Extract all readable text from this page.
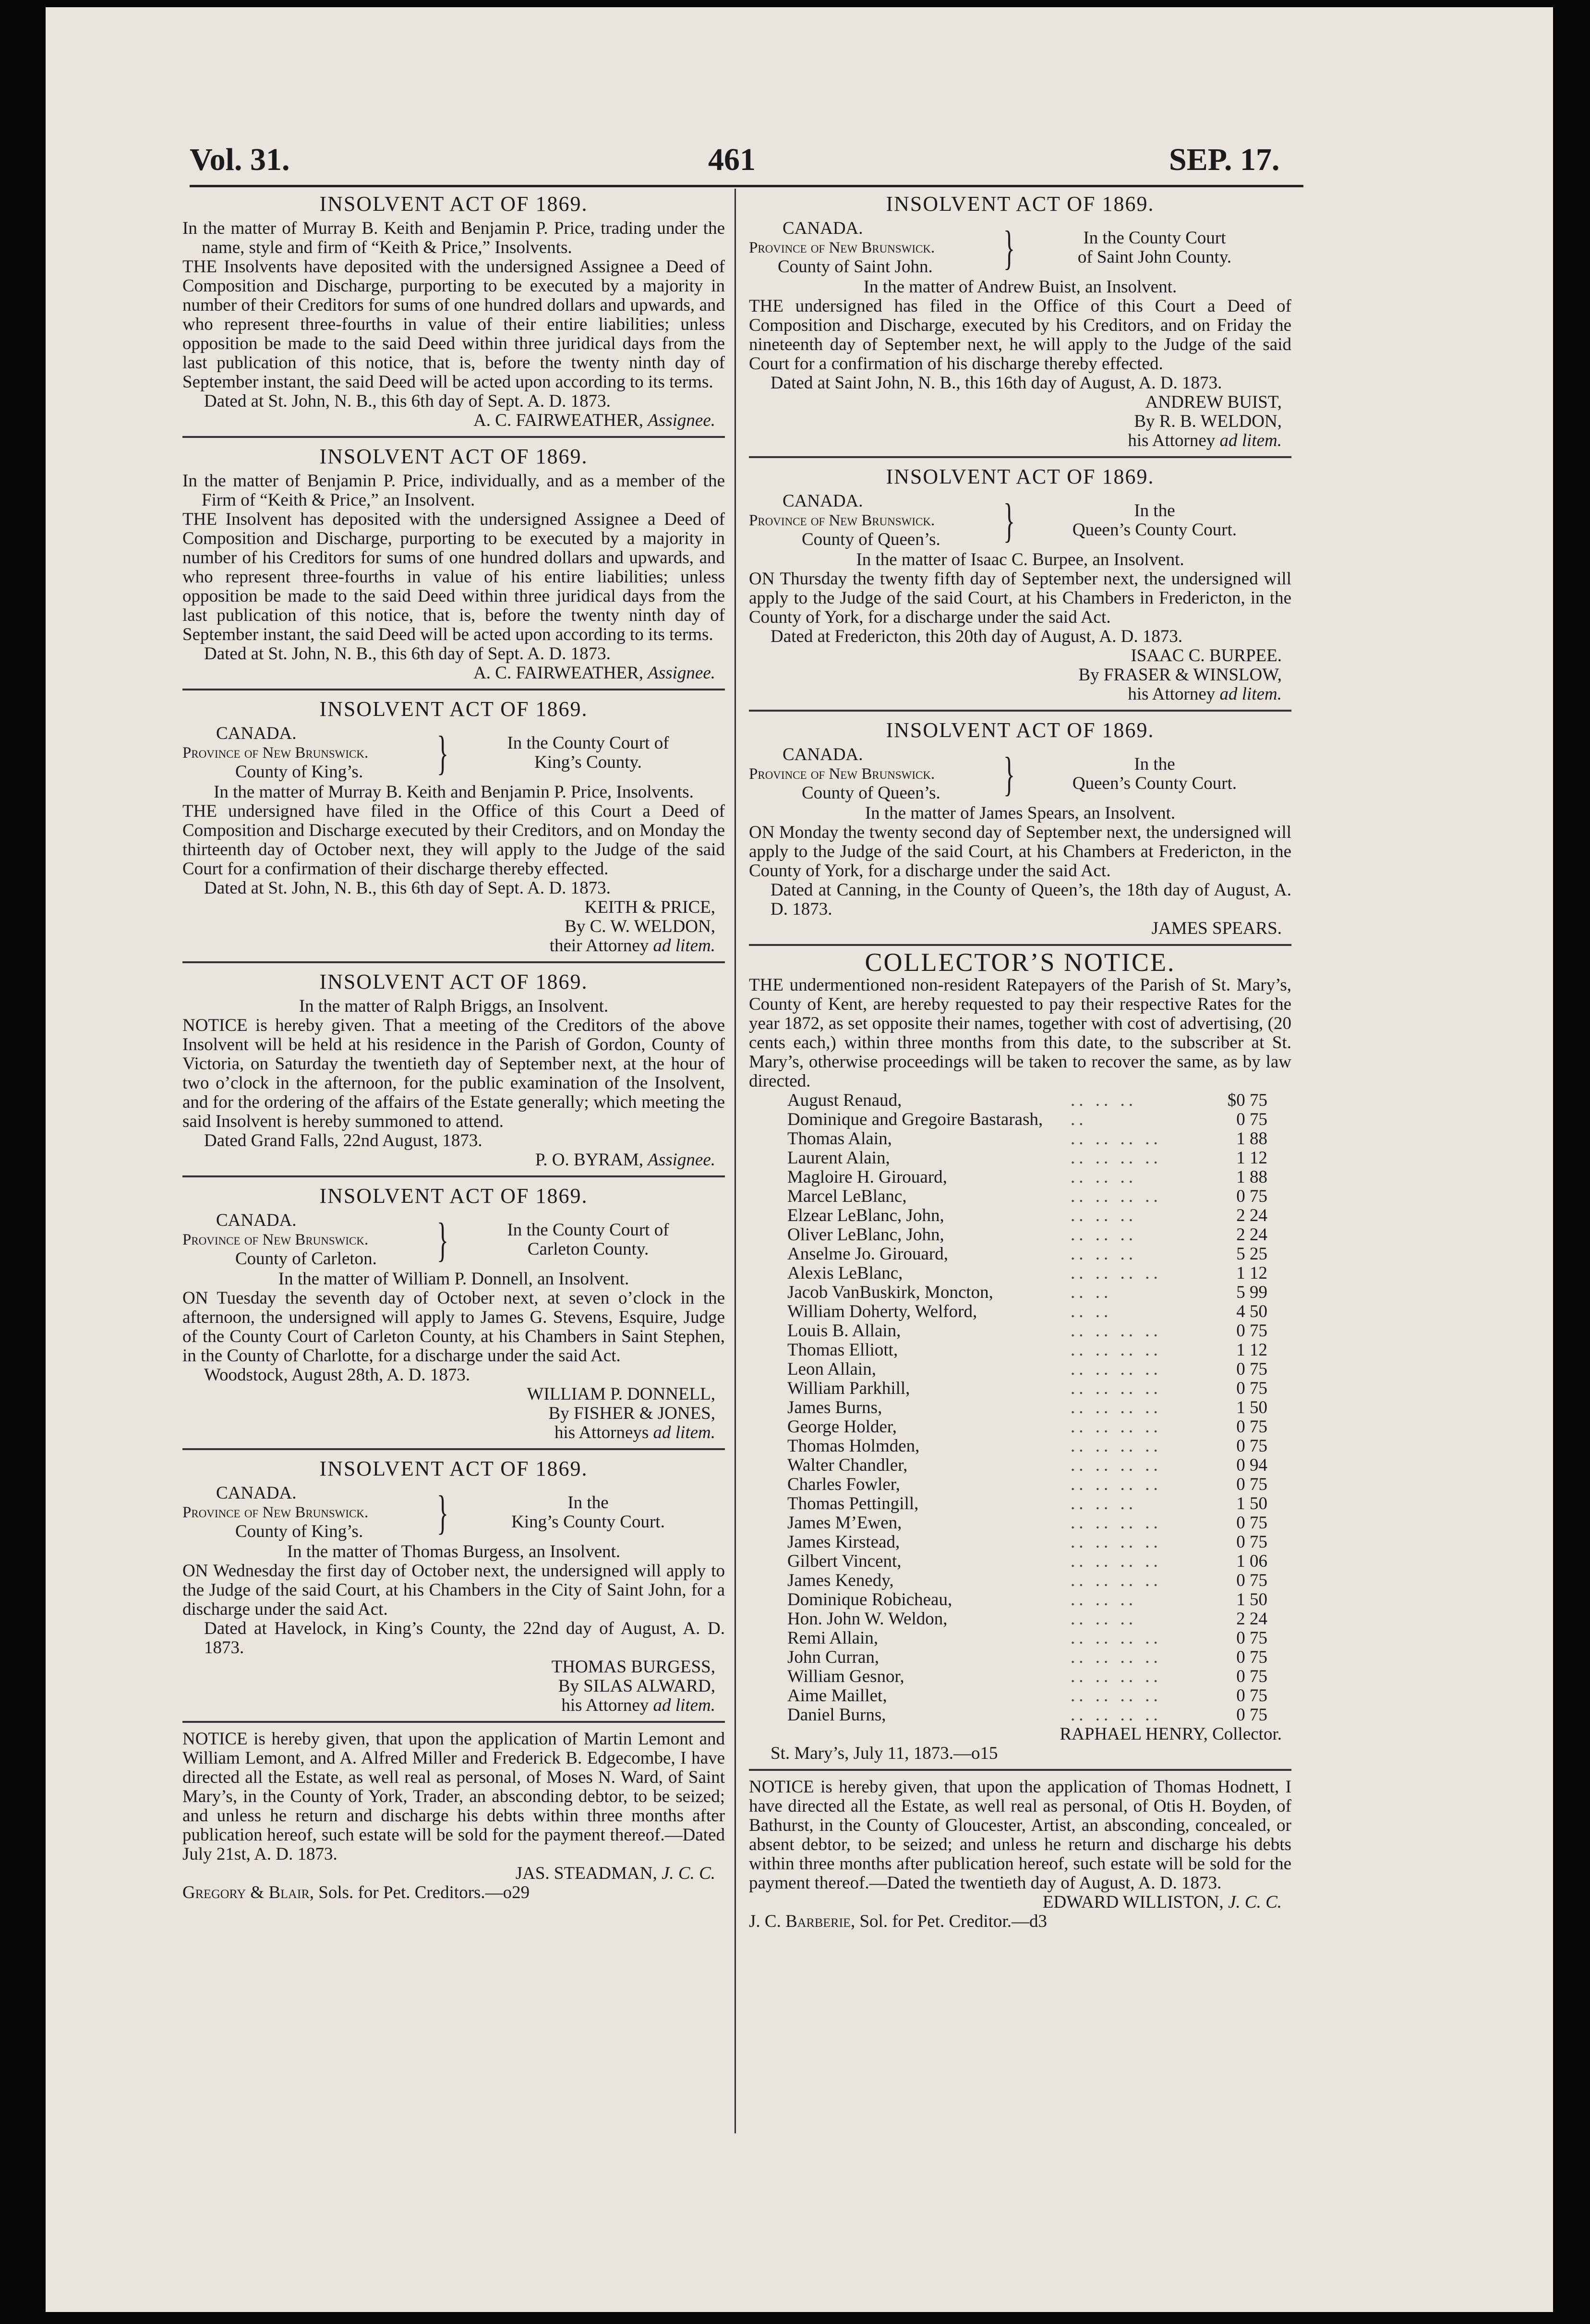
Vol. 31.	461	SEP. 17.
INSOLVENT ACT OF 1869.

In the matter of Murray B. Keith and Benjamin P. Price, trading under the name, style and firm of “Keith & Price,” Insolvents.

THE Insolvents have deposited with the undersigned Assignee a Deed of Composition and Discharge, purporting to be executed by a majority in number of their Creditors for sums of one hundred dollars and upwards, and who represent three-fourths in value of their entire liabilities; unless opposition be made to the said Deed within three juridical days from the last publication of this notice, that is, before the twenty ninth day of September instant, the said Deed will be acted upon according to its terms.

Dated at St. John, N. B., this 6th day of Sept. A. D. 1873.

A. C. FAIRWEATHER, Assignee.

INSOLVENT ACT OF 1869.

In the matter of Benjamin P. Price, individually, and as a member of the Firm of “Keith & Price,” an Insolvent.

THE Insolvent has deposited with the undersigned Assignee a Deed of Composition and Discharge, purporting to be executed by a majority in number of his Creditors for sums of one hundred dollars and upwards, and who represent three-fourths in value of his entire liabilities; unless opposition be made to the said Deed within three juridical days from the last publication of this notice, that is, before the twenty ninth day of September instant, the said Deed will be acted upon according to its terms.

Dated at St. John, N. B., this 6th day of Sept. A. D. 1873.

A. C. FAIRWEATHER, Assignee.

INSOLVENT ACT OF 1869.
CANADA.
Province of New Brunswick.
County of King’s.	}	In the County Court of
King’s County.

In the matter of Murray B. Keith and Benjamin P. Price, Insolvents.

THE undersigned have filed in the Office of this Court a Deed of Composition and Discharge executed by their Creditors, and on Monday the thirteenth day of October next, they will apply to the Judge of the said Court for a confirmation of their discharge thereby effected.

Dated at St. John, N. B., this 6th day of Sept. A. D. 1873.

KEITH & PRICE,

By C. W. WELDON,

their Attorney ad litem.

INSOLVENT ACT OF 1869.

In the matter of Ralph Briggs, an Insolvent.

NOTICE is hereby given. That a meeting of the Creditors of the above Insolvent will be held at his residence in the Parish of Gordon, County of Victoria, on Saturday the twentieth day of September next, at the hour of two o’clock in the afternoon, for the public examination of the Insolvent, and for the ordering of the affairs of the Estate generally; which meeting the said Insolvent is hereby summoned to attend.

Dated Grand Falls, 22nd August, 1873.

P. O. BYRAM, Assignee.

INSOLVENT ACT OF 1869.
CANADA.
Province of New Brunswick.
County of Carleton.	}	In the County Court of
Carleton County.

In the matter of William P. Donnell, an Insolvent.

ON Tuesday the seventh day of October next, at seven o’clock in the afternoon, the undersigned will apply to James G. Stevens, Esquire, Judge of the County Court of Carleton County, at his Chambers in Saint Stephen, in the County of Charlotte, for a discharge under the said Act.

Woodstock, August 28th, A. D. 1873.

WILLIAM P. DONNELL,

By FISHER & JONES,

his Attorneys ad litem.

INSOLVENT ACT OF 1869.
CANADA.
Province of New Brunswick.
County of King’s.	}	In the
King’s County Court.

In the matter of Thomas Burgess, an Insolvent.

ON Wednesday the first day of October next, the undersigned will apply to the Judge of the said Court, at his Chambers in the City of Saint John, for a discharge under the said Act.

Dated at Havelock, in King’s County, the 22nd day of August, A. D. 1873.

THOMAS BURGESS,

By SILAS ALWARD,

his Attorney ad litem.

NOTICE is hereby given, that upon the application of Martin Lemont and William Lemont, and A. Alfred Miller and Frederick B. Edgecombe, I have directed all the Estate, as well real as personal, of Moses N. Ward, of Saint Mary’s, in the County of York, Trader, an absconding debtor, to be seized; and unless he return and discharge his debts within three months after publication hereof, such estate will be sold for the payment thereof.—Dated July 21st, A. D. 1873.

JAS. STEADMAN, J. C. C.

Gregory & Blair, Sols. for Pet. Creditors.—o29

INSOLVENT ACT OF 1869.
CANADA.
Province of New Brunswick.
County of Saint John.	}	In the County Court
of Saint John County.

In the matter of Andrew Buist, an Insolvent.

THE undersigned has filed in the Office of this Court a Deed of Composition and Discharge, executed by his Creditors, and on Friday the nineteenth day of September next, he will apply to the Judge of the said Court for a confirmation of his discharge thereby effected.

Dated at Saint John, N. B., this 16th day of August, A. D. 1873.

ANDREW BUIST,

By R. B. WELDON,

his Attorney ad litem.

INSOLVENT ACT OF 1869.
CANADA.
Province of New Brunswick.
County of Queen’s.	}	In the
Queen’s County Court.

In the matter of Isaac C. Burpee, an Insolvent.

ON Thursday the twenty fifth day of September next, the undersigned will apply to the Judge of the said Court, at his Chambers in Fredericton, in the County of York, for a discharge under the said Act.

Dated at Fredericton, this 20th day of August, A. D. 1873.

ISAAC C. BURPEE.

By FRASER & WINSLOW,

his Attorney ad litem.

INSOLVENT ACT OF 1869.
CANADA.
Province of New Brunswick.
County of Queen’s.	}	In the
Queen’s County Court.

In the matter of James Spears, an Insolvent.

ON Monday the twenty second day of September next, the undersigned will apply to the Judge of the said Court, at his Chambers at Fredericton, in the County of York, for a discharge under the said Act.

Dated at Canning, in the County of Queen’s, the 18th day of August, A. D. 1873.

JAMES SPEARS.

COLLECTOR’S NOTICE.

THE undermentioned non-resident Ratepayers of the Parish of St. Mary’s, County of Kent, are hereby requested to pay their respective Rates for the year 1872, as set opposite their names, together with cost of advertising, (20 cents each,) within three months from this date, to the subscriber at St. Mary’s, otherwise proceedings will be taken to recover the same, as by law directed.

August Renaud,	.. .. ..	$0 75
Dominique and Gregoire Bastarash,	..	0 75
Thomas Alain,	.. .. .. ..	1 88
Laurent Alain,	.. .. .. ..	1 12
Magloire H. Girouard,	.. .. ..	1 88
Marcel LeBlanc,	.. .. .. ..	0 75
Elzear LeBlanc, John,	.. .. ..	2 24
Oliver LeBlanc, John,	.. .. ..	2 24
Anselme Jo. Girouard,	.. .. ..	5 25
Alexis LeBlanc,	.. .. .. ..	1 12
Jacob VanBuskirk, Moncton,	.. ..	5 99
William Doherty, Welford,	.. ..	4 50
Louis B. Allain,	.. .. .. ..	0 75
Thomas Elliott,	.. .. .. ..	1 12
Leon Allain,	.. .. .. ..	0 75
William Parkhill,	.. .. .. ..	0 75
James Burns,	.. .. .. ..	1 50
George Holder,	.. .. .. ..	0 75
Thomas Holmden,	.. .. .. ..	0 75
Walter Chandler,	.. .. .. ..	0 94
Charles Fowler,	.. .. .. ..	0 75
Thomas Pettingill,	.. .. ..	1 50
James M’Ewen,	.. .. .. ..	0 75
James Kirstead,	.. .. .. ..	0 75
Gilbert Vincent,	.. .. .. ..	1 06
James Kenedy,	.. .. .. ..	0 75
Dominique Robicheau,	.. .. ..	1 50
Hon. John W. Weldon,	.. .. ..	2 24
Remi Allain,	.. .. .. ..	0 75
John Curran,	.. .. .. ..	0 75
William Gesnor,	.. .. .. ..	0 75
Aime Maillet,	.. .. .. ..	0 75
Daniel Burns,	.. .. .. ..	0 75

RAPHAEL HENRY, Collector.

St. Mary’s, July 11, 1873.—o15

NOTICE is hereby given, that upon the application of Thomas Hodnett, I have directed all the Estate, as well real as personal, of Otis H. Boyden, of Bathurst, in the County of Gloucester, Artist, an absconding, concealed, or absent debtor, to be seized; and unless he return and discharge his debts within three months after publication hereof, such estate will be sold for the payment thereof.—Dated the twentieth day of August, A. D. 1873.

EDWARD WILLISTON, J. C. C.

J. C. Barberie, Sol. for Pet. Creditor.—d3
